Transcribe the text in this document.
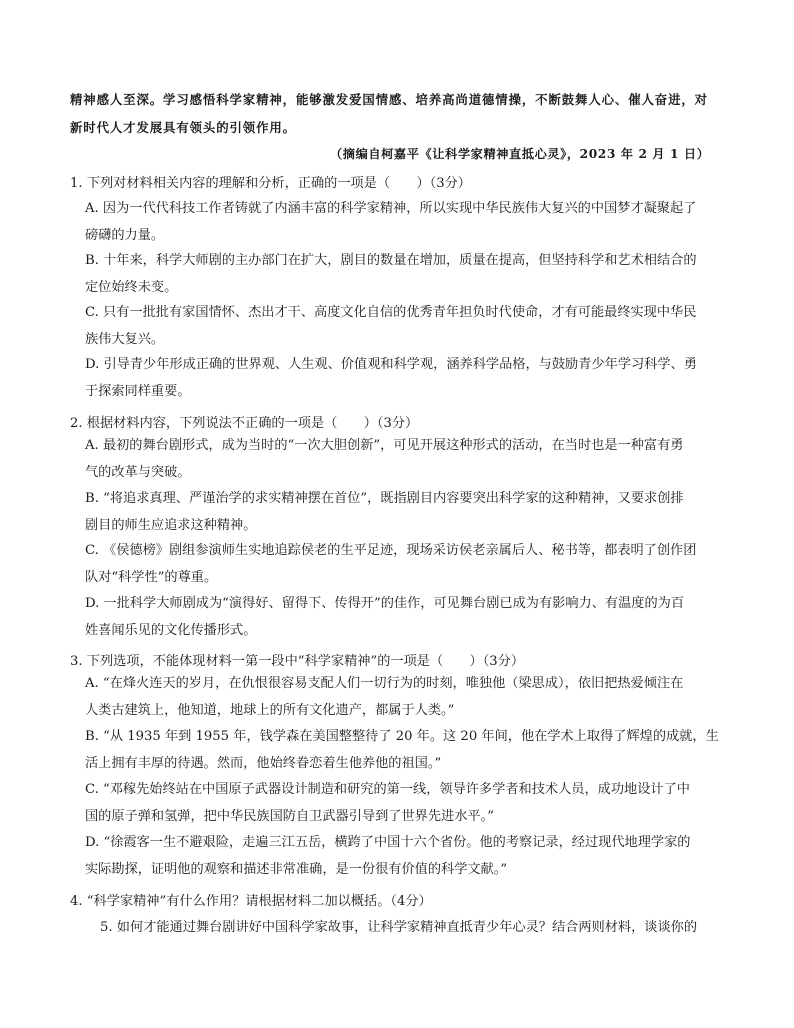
精神感人至深。学习感悟科学家精神，能够激发爱国情感、培养高尚道德情操，不断鼓舞人心、催人奋进，对

新时代人才发展具有领头的引领作用。

（摘编自柯嘉平《让科学家精神直抵心灵》，2023 年 2 月 1 日）
1. 下列对材料相关内容的理解和分析，正确的一项是（　　）（3分）
A. 因为一代代科技工作者铸就了内涵丰富的科学家精神，所以实现中华民族伟大复兴的中国梦才凝聚起了
磅礴的力量。
B. 十年来，科学大师剧的主办部门在扩大，剧目的数量在增加，质量在提高，但坚持科学和艺术相结合的
定位始终未变。
C. 只有一批批有家国情怀、杰出才干、高度文化自信的优秀青年担负时代使命，才有可能最终实现中华民
族伟大复兴。
D. 引导青少年形成正确的世界观、人生观、价值观和科学观，涵养科学品格，与鼓励青少年学习科学、勇
于探索同样重要。
2. 根据材料内容，下列说法不正确的一项是（　　）（3分）
A. 最初的舞台剧形式，成为当时的“一次大胆创新”，可见开展这种形式的活动，在当时也是一种富有勇
气的改革与突破。
B. “将追求真理、严谨治学的求实精神摆在首位”，既指剧目内容要突出科学家的这种精神，又要求创排
剧目的师生应追求这种精神。
C. 《侯德榜》剧组参演师生实地追踪侯老的生平足迹，现场采访侯老亲属后人、秘书等，都表明了创作团
队对“科学性”的尊重。
D. 一批科学大师剧成为“演得好、留得下、传得开”的佳作，可见舞台剧已成为有影响力、有温度的为百
姓喜闻乐见的文化传播形式。
3. 下列选项，不能体现材料一第一段中“科学家精神”的一项是（　　）（3分）
A. “在烽火连天的岁月，在仇恨很容易支配人们一切行为的时刻，唯独他（梁思成），依旧把热爱倾注在
人类古建筑上，他知道，地球上的所有文化遗产，都属于人类。”
B. “从 1935 年到 1955 年，钱学森在美国整整待了 20 年。这 20 年间，他在学术上取得了辉煌的成就，生
活上拥有丰厚的待遇。然而，他始终眷恋着生他养他的祖国。”
C. “邓稼先始终站在中国原子武器设计制造和研究的第一线，领导许多学者和技术人员，成功地设计了中
国的原子弹和氢弹，把中华民族国防自卫武器引导到了世界先进水平。”
D. “徐霞客一生不避艰险，走遍三江五岳，横跨了中国十六个省份。他的考察记录，经过现代地理学家的
实际勘探，证明他的观察和描述非常准确，是一份很有价值的科学文献。”
4. “科学家精神”有什么作用？请根据材料二加以概括。（4分）
5. 如何才能通过舞台剧讲好中国科学家故事，让科学家精神直抵青少年心灵？结合两则材料，谈谈你的
